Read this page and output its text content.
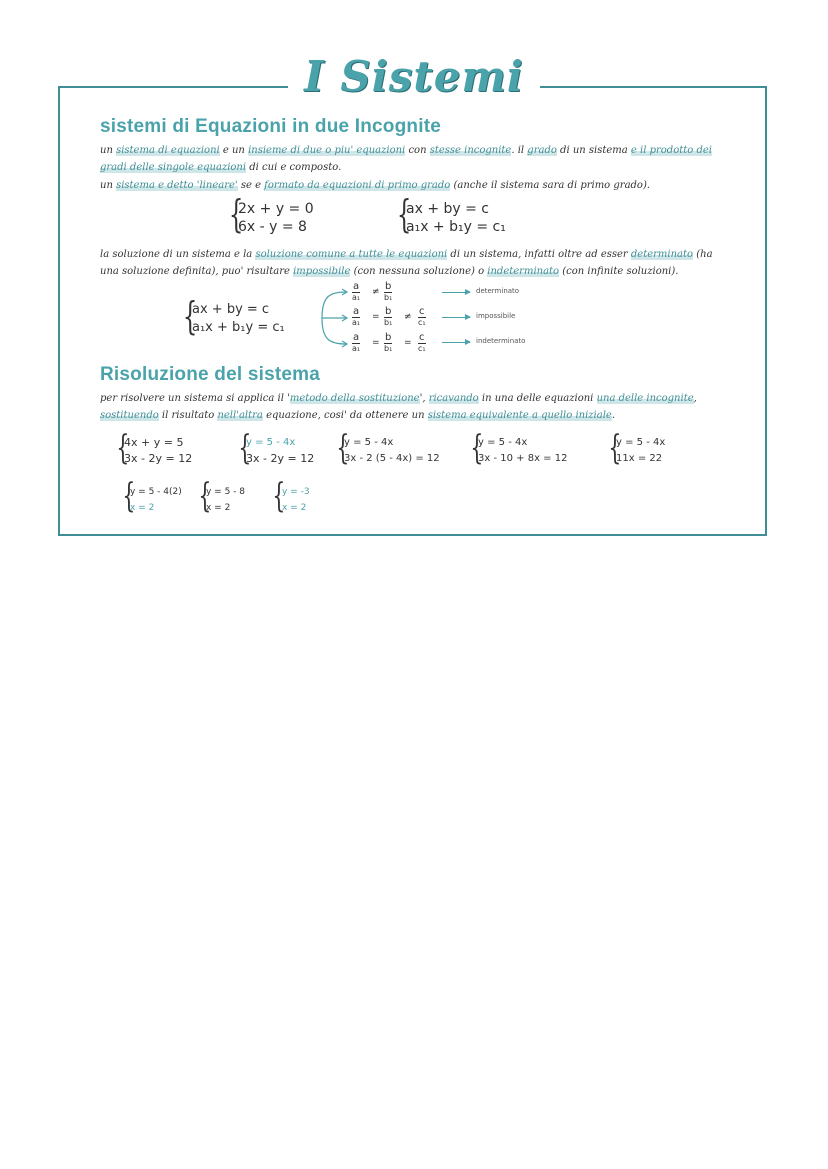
I Sistemi
sistemi di Equazioni in due Incognite
un sistema di equazioni e un insieme di due o piu' equazioni con stesse incognite. il grado di un sistema e il prodotto dei gradi delle singole equazioni di cui e composto.
un sistema e detto 'lineare' se e formato da equazioni di primo grado (anche il sistema sara di primo grado).
{
2x + y = 0
6x - y = 8 {
ax + by = c
a₁x + b₁y = c₁
la soluzione di un sistema e la soluzione comune a tutte le equazioni di un sistema, infatti oltre ad esser determinato (ha una soluzione definita), puo' risultare impossibile (con nessuna soluzione) o indeterminato (con infinite soluzioni).
{
ax + by = c
a₁x + b₁y = c₁
a
a₁
≠ b
b₁
determinato
a
a₁
= b
b₁
≠ c
c₁
impossibile
a
a₁
= b
b₁
= c
c₁
indeterminato
Risoluzione del sistema
per risolvere un sistema si applica il 'metodo della sostituzione', ricavando in una delle equazioni una delle incognite, sostituendo il risultato nell'altra equazione, cosi' da ottenere un sistema equivalente a quello iniziale.
{
4x + y = 5
3x - 2y = 12 {
y = 5 - 4x
3x - 2y = 12 {
y = 5 - 4x
3x - 2 (5 - 4x) = 12 {
y = 5 - 4x
3x - 10 + 8x = 12 {
y = 5 - 4x
11x = 22
{
y = 5 - 4(2)
x = 2	{
y = 5 - 8
x = 2	{
y = -3
x = 2
